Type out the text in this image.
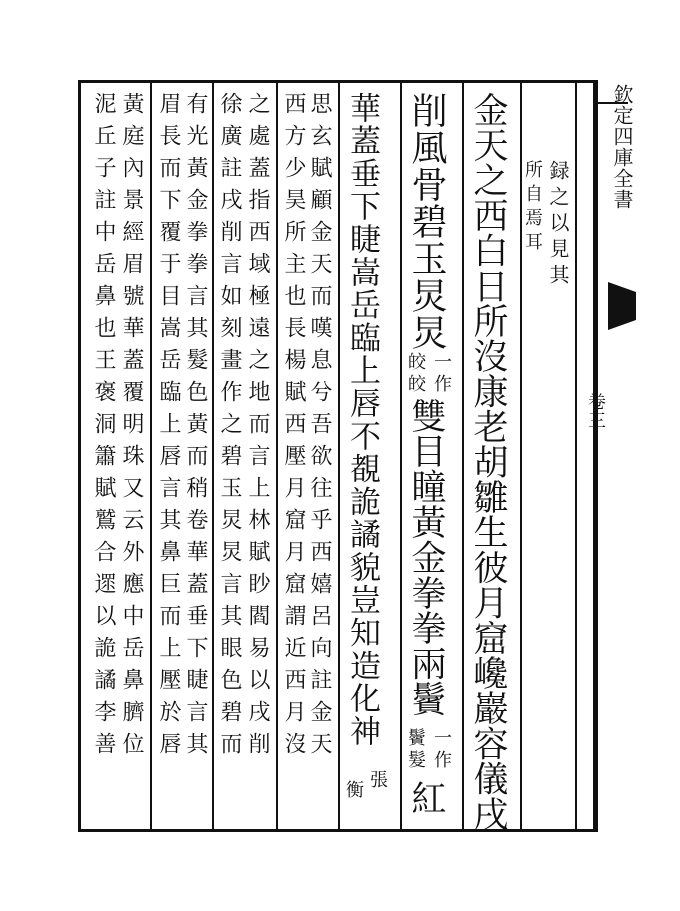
欽定四庫全書
卷三
録之以見其
所自焉耳
金天之西白日所沒康老胡雛生彼月窟巉巖容儀戌
削風骨碧玉炅炅
一作
皎皎
雙目瞳黃金拳拳兩鬢
一作
鬢髮
紅
華蓋垂下睫嵩岳臨上唇不覩詭譎貌豈知造化神
張
衡
思玄賦顧金天而嘆息兮吾欲往乎西嬉呂向註金天
西方少昊所主也長楊賦西壓月窟月窟謂近西月沒
之處蓋指西域極遠之地而言上林賦眇閻易以戌削
徐廣註戌削言如刻畫作之碧玉炅炅言其眼色碧而
有光黃金拳拳言其髮色黃而稍卷華蓋垂下睫言其
眉長而下覆于目嵩岳臨上唇言其鼻巨而上壓於唇
黃庭內景經眉號華蓋覆明珠又云外應中岳鼻臍位
泥丘子註中岳鼻也王褒洞簫賦鷲合遝以詭譎李善
